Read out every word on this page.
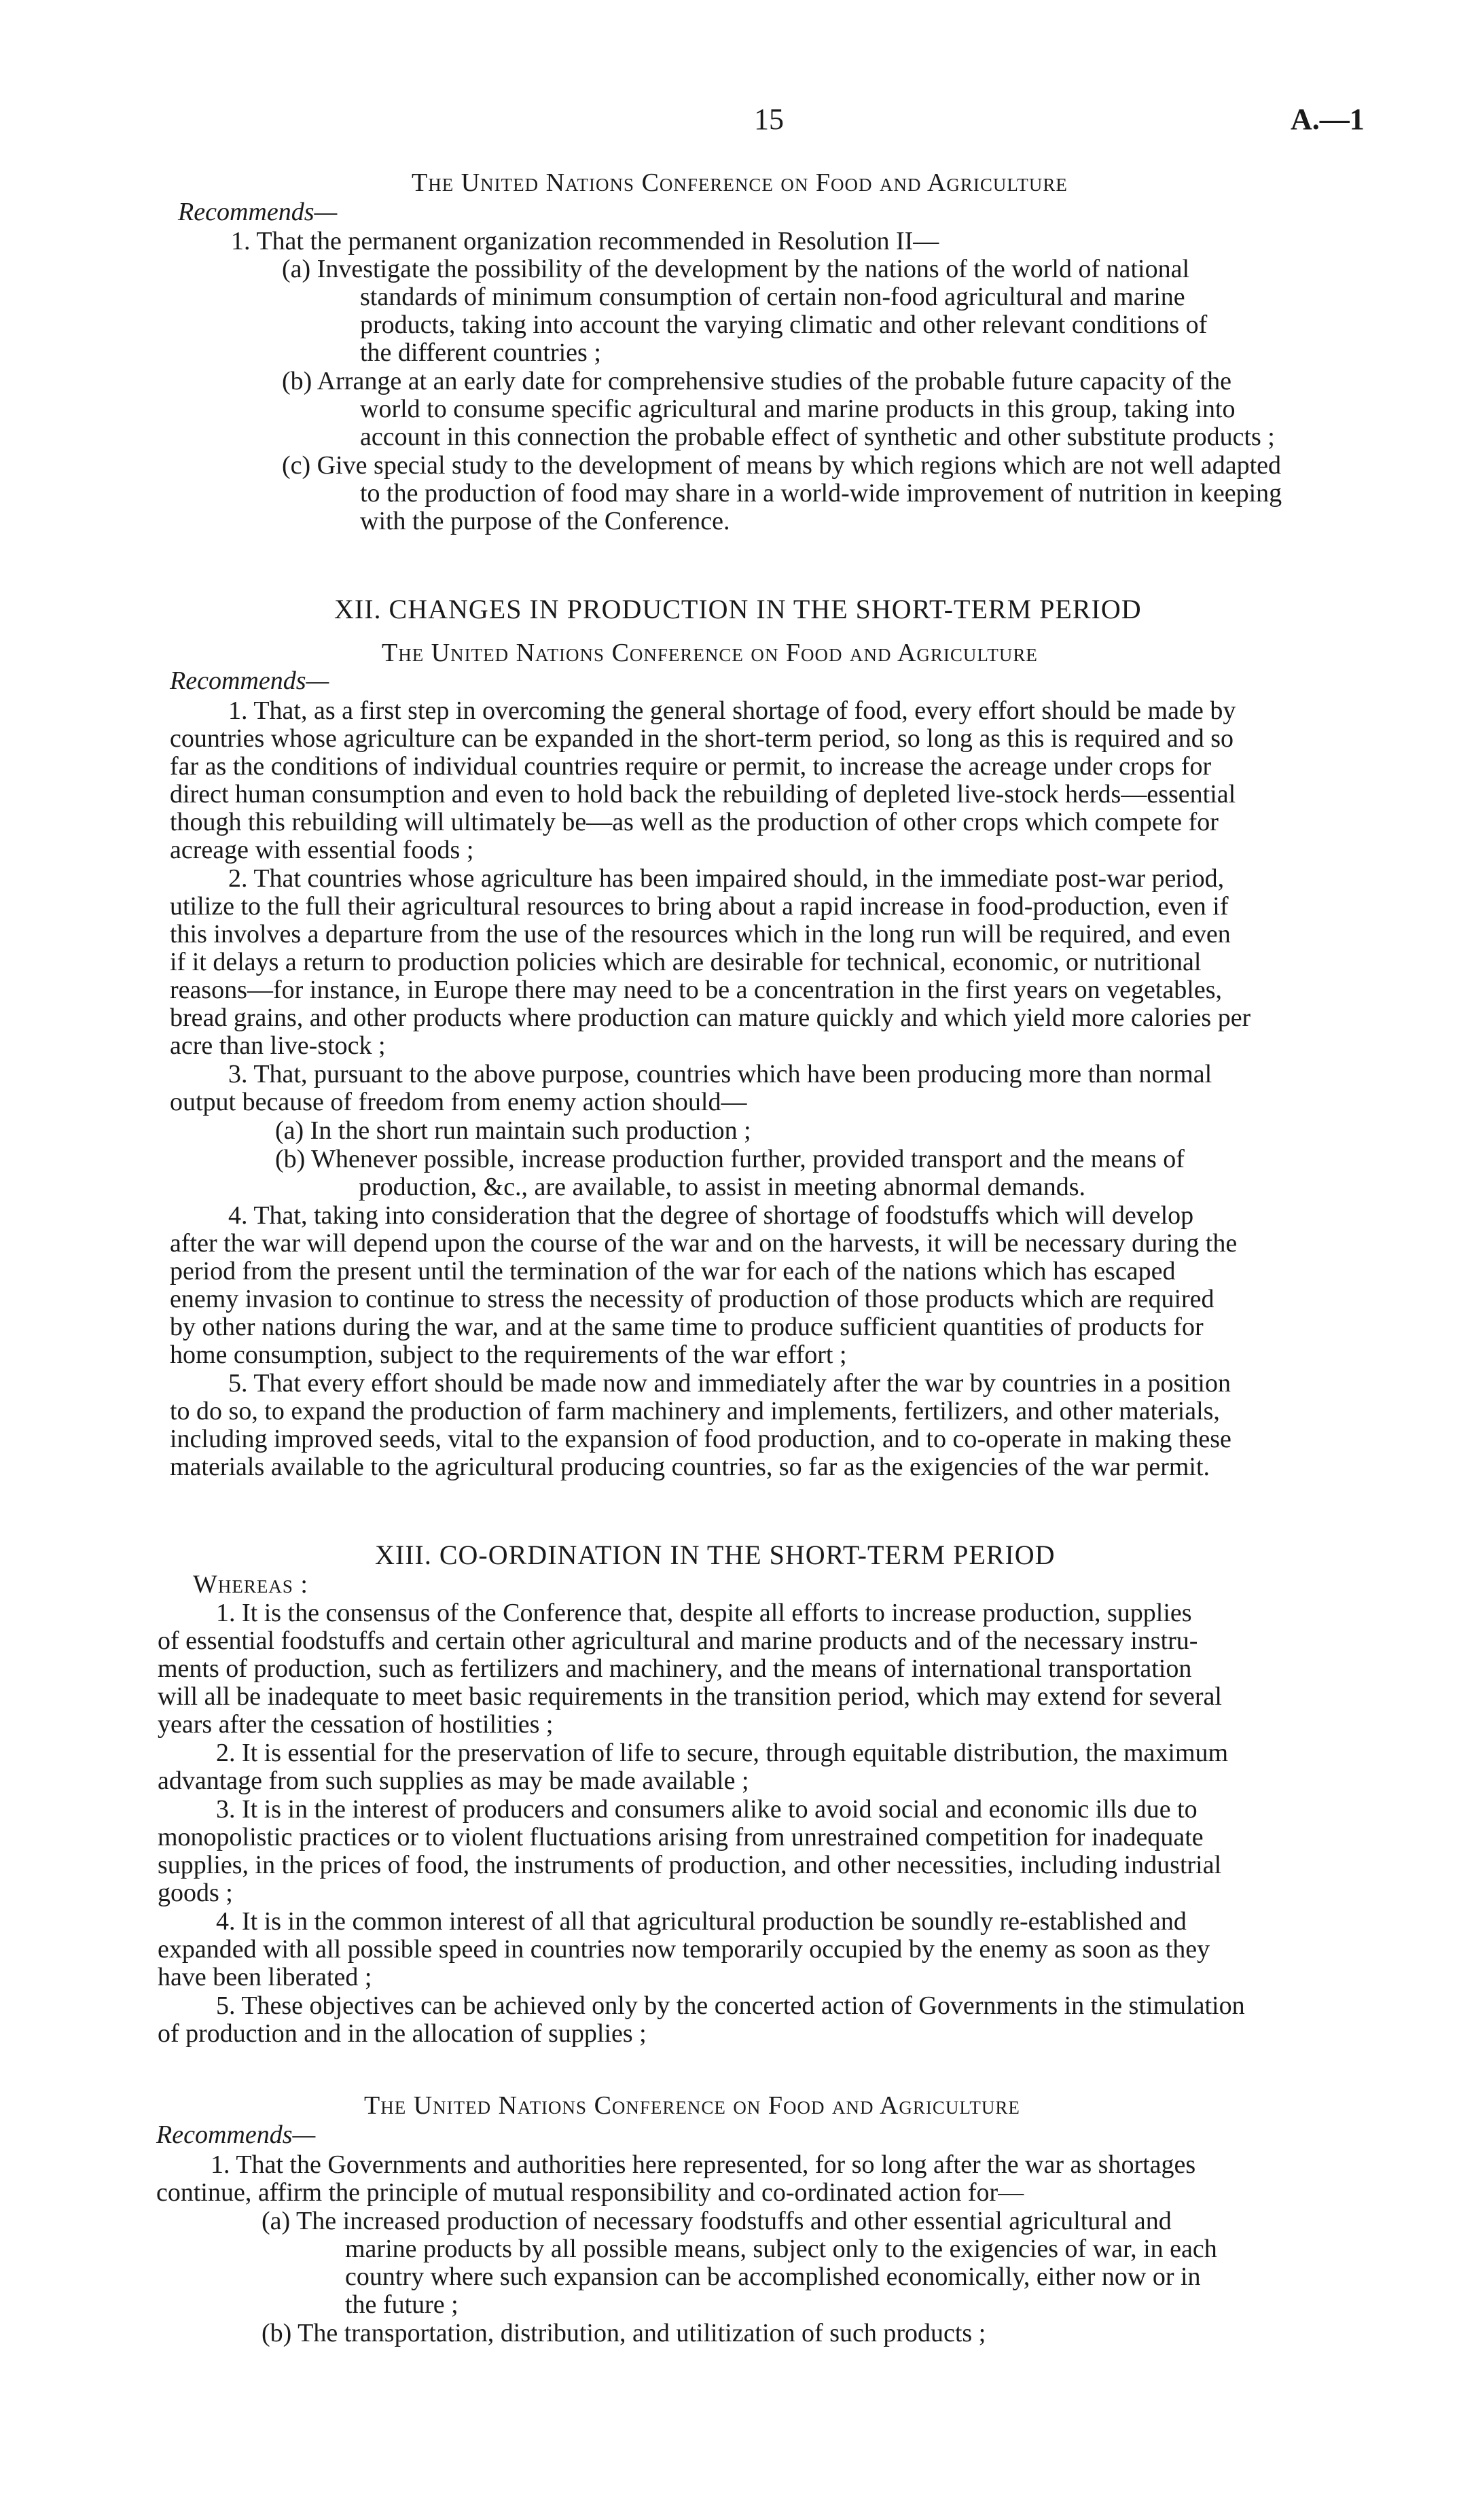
15	A.—1
The United Nations Conference on Food and Agriculture
Recommends—
1. That the permanent organization recommended in Resolution II—
(a) Investigate the possibility of the development by the nations of the world of national
standards of minimum consumption of certain non-food agricultural and marine
products, taking into account the varying climatic and other relevant conditions of
the different countries ;
(b) Arrange at an early date for comprehensive studies of the probable future capacity of the
world to consume specific agricultural and marine products in this group, taking into
account in this connection the probable effect of synthetic and other substitute products ;
(c) Give special study to the development of means by which regions which are not well adapted
to the production of food may share in a world-wide improvement of nutrition in keeping
with the purpose of the Conference.
XII. CHANGES IN PRODUCTION IN THE SHORT-TERM PERIOD
The United Nations Conference on Food and Agriculture
Recommends—
1. That, as a first step in overcoming the general shortage of food, every effort should be made by
countries whose agriculture can be expanded in the short-term period, so long as this is required and so
far as the conditions of individual countries require or permit, to increase the acreage under crops for
direct human consumption and even to hold back the rebuilding of depleted live-stock herds—essential
though this rebuilding will ultimately be—as well as the production of other crops which compete for
acreage with essential foods ;
2. That countries whose agriculture has been impaired should, in the immediate post-war period,
utilize to the full their agricultural resources to bring about a rapid increase in food-production, even if
this involves a departure from the use of the resources which in the long run will be required, and even
if it delays a return to production policies which are desirable for technical, economic, or nutritional
reasons—for instance, in Europe there may need to be a concentration in the first years on vegetables,
bread grains, and other products where production can mature quickly and which yield more calories per
acre than live-stock ;
3. That, pursuant to the above purpose, countries which have been producing more than normal
output because of freedom from enemy action should—
(a) In the short run maintain such production ;
(b) Whenever possible, increase production further, provided transport and the means of
production, &c., are available, to assist in meeting abnormal demands.
4. That, taking into consideration that the degree of shortage of foodstuffs which will develop
after the war will depend upon the course of the war and on the harvests, it will be necessary during the
period from the present until the termination of the war for each of the nations which has escaped
enemy invasion to continue to stress the necessity of production of those products which are required
by other nations during the war, and at the same time to produce sufficient quantities of products for
home consumption, subject to the requirements of the war effort ;
5. That every effort should be made now and immediately after the war by countries in a position
to do so, to expand the production of farm machinery and implements, fertilizers, and other materials,
including improved seeds, vital to the expansion of food production, and to co-operate in making these
materials available to the agricultural producing countries, so far as the exigencies of the war permit.
XIII. CO-ORDINATION IN THE SHORT-TERM PERIOD
Whereas :
1. It is the consensus of the Conference that, despite all efforts to increase production, supplies
of essential foodstuffs and certain other agricultural and marine products and of the necessary instru-
ments of production, such as fertilizers and machinery, and the means of international transportation
will all be inadequate to meet basic requirements in the transition period, which may extend for several
years after the cessation of hostilities ;
2. It is essential for the preservation of life to secure, through equitable distribution, the maximum
advantage from such supplies as may be made available ;
3. It is in the interest of producers and consumers alike to avoid social and economic ills due to
monopolistic practices or to violent fluctuations arising from unrestrained competition for inadequate
supplies, in the prices of food, the instruments of production, and other necessities, including industrial
goods ;
4. It is in the common interest of all that agricultural production be soundly re-established and
expanded with all possible speed in countries now temporarily occupied by the enemy as soon as they
have been liberated ;
5. These objectives can be achieved only by the concerted action of Governments in the stimulation
of production and in the allocation of supplies ;
The United Nations Conference on Food and Agriculture
Recommends—
1. That the Governments and authorities here represented, for so long after the war as shortages
continue, affirm the principle of mutual responsibility and co-ordinated action for—
(a) The increased production of necessary foodstuffs and other essential agricultural and
marine products by all possible means, subject only to the exigencies of war, in each
country where such expansion can be accomplished economically, either now or in
the future ;
(b) The transportation, distribution, and utilitization of such products ;
